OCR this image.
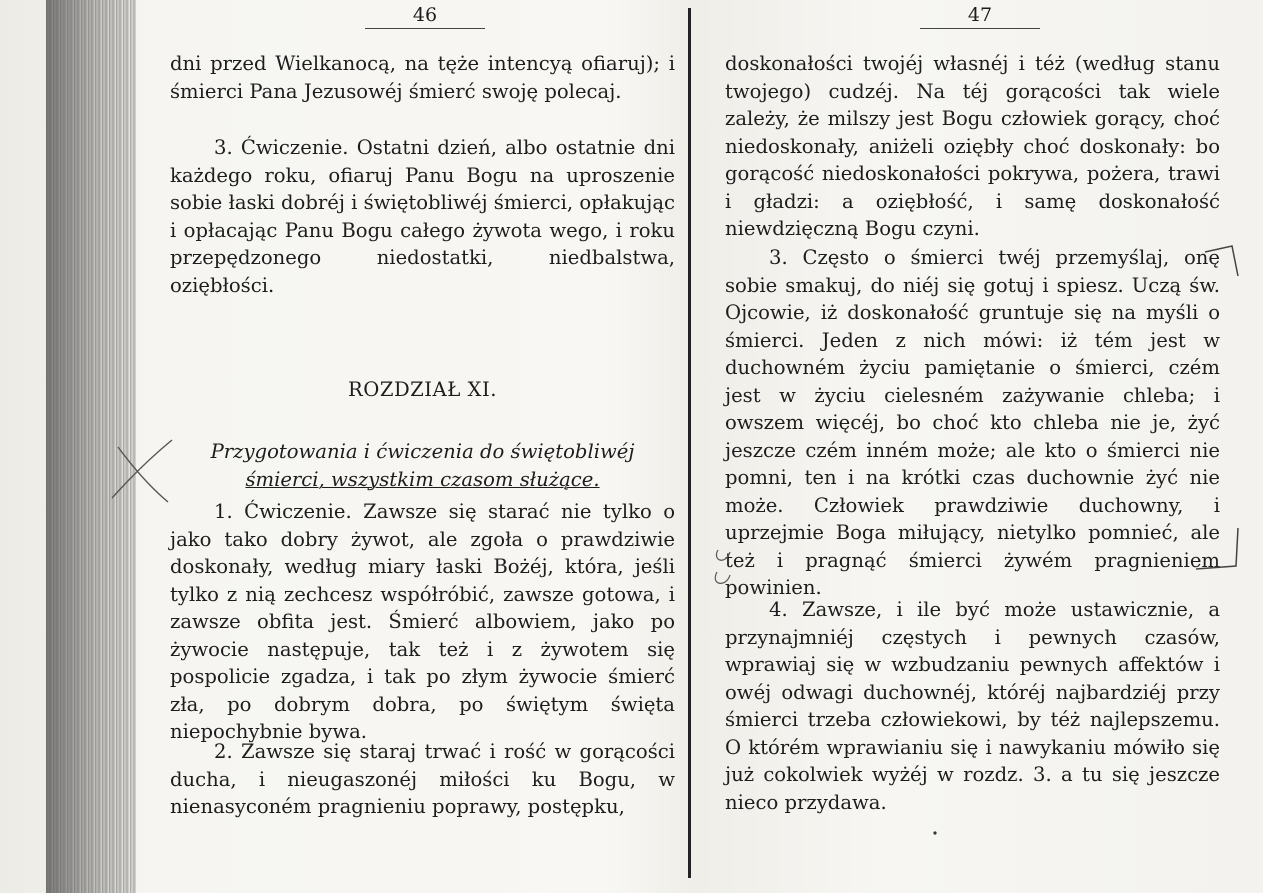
46

dni przed Wielkanocą, na tęże intencyą ofiaruj); i śmierci Pana Jezusowéj śmierć swoję polecaj.

3. Ćwiczenie. Ostatni dzień, albo ostatnie dni każdego roku, ofiaruj Panu Bogu na uproszenie sobie łaski dobréj i świętobliwéj śmierci, opłakując i opłacając Panu Bogu całego żywota wego, i roku przepędzonego niedostatki, niedbalstwa, oziębłości.

ROZDZIAŁ XI.
Przygotowania i ćwiczenia do świętobliwéj
śmierci, wszystkim czasom służące.

1. Ćwiczenie. Zawsze się starać nie tylko o jako tako dobry żywot, ale zgoła o prawdziwie doskonały, według miary łaski Bożéj, która, jeśli tylko z nią zechcesz współróbić, zawsze gotowa, i zawsze obfita jest. Śmierć albowiem, jako po żywocie następuje, tak też i z żywotem się pospolicie zgadza, i tak po złym żywocie śmierć zła, po dobrym dobra, po świętym święta niepochybnie bywa.

2. Zawsze się staraj trwać i rość w gorącości ducha, i nieugaszonéj miłości ku Bogu, w nienasyconém pragnieniu poprawy, postępku,

47

doskonałości twojéj własnéj i téż (według stanu twojego) cudzéj. Na téj gorącości tak wiele zależy, że milszy jest Bogu człowiek gorący, choć niedoskonały, aniżeli oziębły choć doskonały: bo gorącość niedoskonałości pokrywa, pożera, trawi i gładzi: a oziębłość, i samę doskonałość niewdzięczną Bogu czyni.

3. Często o śmierci twéj przemyślaj, onę sobie smakuj, do niéj się gotuj i spiesz. Uczą św. Ojcowie, iż doskonałość gruntuje się na myśli o śmierci. Jeden z nich mówi: iż tém jest w duchowném życiu pamiętanie o śmierci, czém jest w życiu cielesném zażywanie chleba; i owszem więcéj, bo choć kto chleba nie je, żyć jeszcze czém inném może; ale kto o śmierci nie pomni, ten i na krótki czas duchownie żyć nie może. Człowiek prawdziwie duchowny, i uprzejmie Boga miłujący, nietylko pomnieć, ale też i pragnąć śmierci żywém pragnieniem powinien.

4. Zawsze, i ile być może ustawicznie, a przynajmniéj częstych i pewnych czasów, wprawiaj się w wzbudzaniu pewnych affektów i owéj odwagi duchownéj, któréj najbardziéj przy śmierci trzeba człowiekowi, by téż najlepszemu. O którém wprawianiu się i nawykaniu mówiło się już cokolwiek wyżéj w rozdz. 3. a tu się jeszcze nieco przydawa.
